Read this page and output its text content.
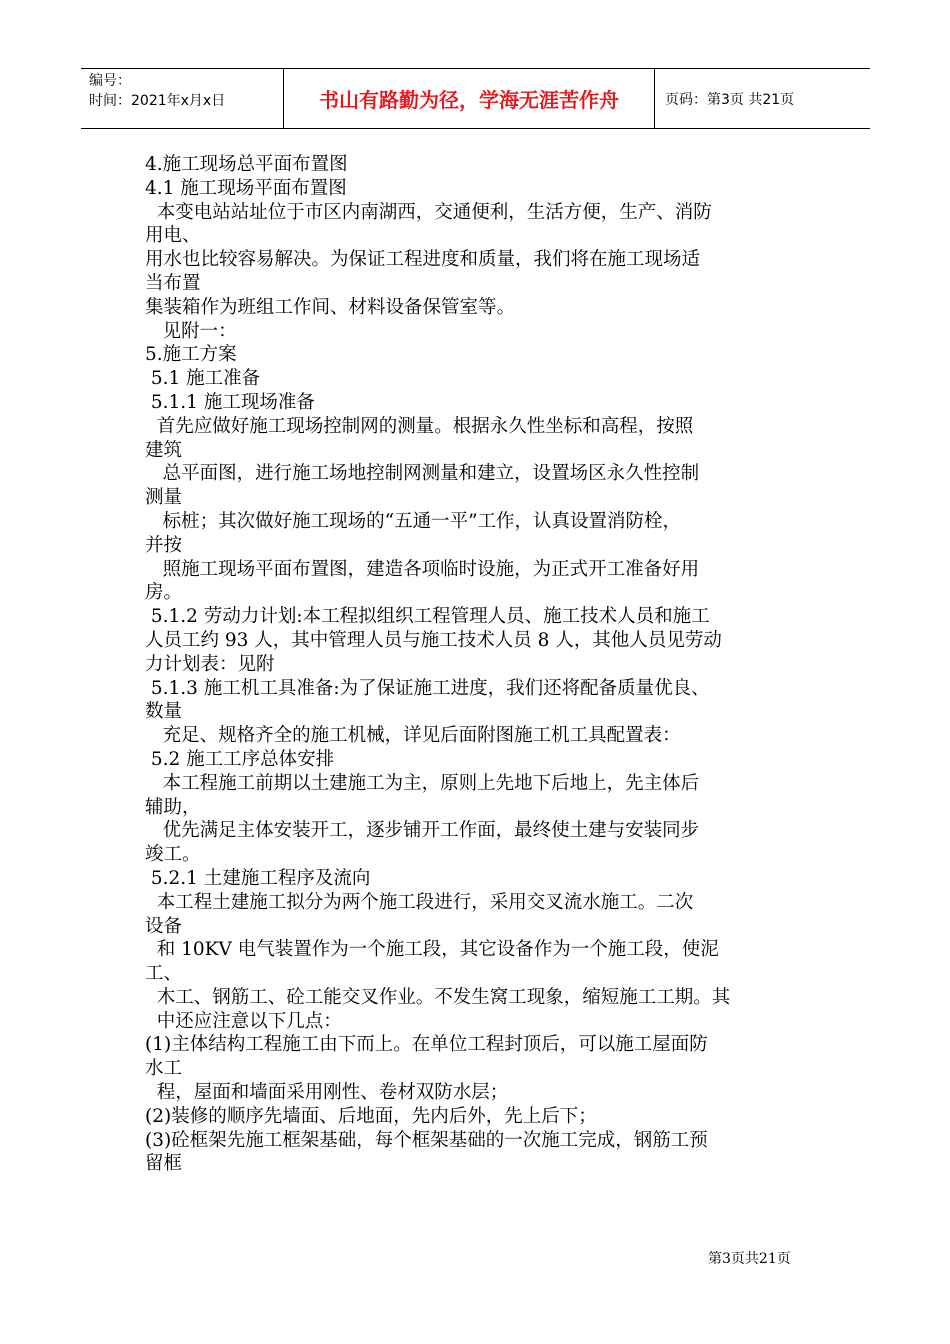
编号：
时间：2021年x月x日	书山有路勤为径，学海无涯苦作舟	页码：第3页 共21页
4.施工现场总平面布置图
4.1 施工现场平面布置图
本变电站站址位于市区内南湖西，交通便利，生活方便，生产、消防
用电、
用水也比较容易解决。为保证工程进度和质量，我们将在施工现场适
当布置
集装箱作为班组工作间、材料设备保管室等。
见附一：
5.施工方案
5.1 施工准备
5.1.1 施工现场准备
首先应做好施工现场控制网的测量。根据永久性坐标和高程，按照
建筑
总平面图，进行施工场地控制网测量和建立，设置场区永久性控制
测量
标桩；其次做好施工现场的“五通一平”工作，认真设置消防栓，
并按
照施工现场平面布置图，建造各项临时设施，为正式开工准备好用
房。
5.1.2 劳动力计划:本工程拟组织工程管理人员、施工技术人员和施工
人员工约 93 人，其中管理人员与施工技术人员 8 人，其他人员见劳动
力计划表：见附
5.1.3 施工机工具准备:为了保证施工进度，我们还将配备质量优良、
数量
充足、规格齐全的施工机械，详见后面附图施工机工具配置表：
5.2 施工工序总体安排
本工程施工前期以土建施工为主，原则上先地下后地上，先主体后
辅助，
优先满足主体安装开工，逐步铺开工作面，最终使土建与安装同步
竣工。
5.2.1 土建施工程序及流向
本工程土建施工拟分为两个施工段进行，采用交叉流水施工。二次
设备
和 10KV 电气装置作为一个施工段，其它设备作为一个施工段，使泥
工、
木工、钢筋工、砼工能交叉作业。不发生窝工现象，缩短施工工期。其
中还应注意以下几点：
(1)主体结构工程施工由下而上。在单位工程封顶后，可以施工屋面防
水工
程，屋面和墙面采用刚性、卷材双防水层；
(2)装修的顺序先墙面、后地面，先内后外，先上后下；
(3)砼框架先施工框架基础，每个框架基础的一次施工完成，钢筋工预
留框
第3页共21页
